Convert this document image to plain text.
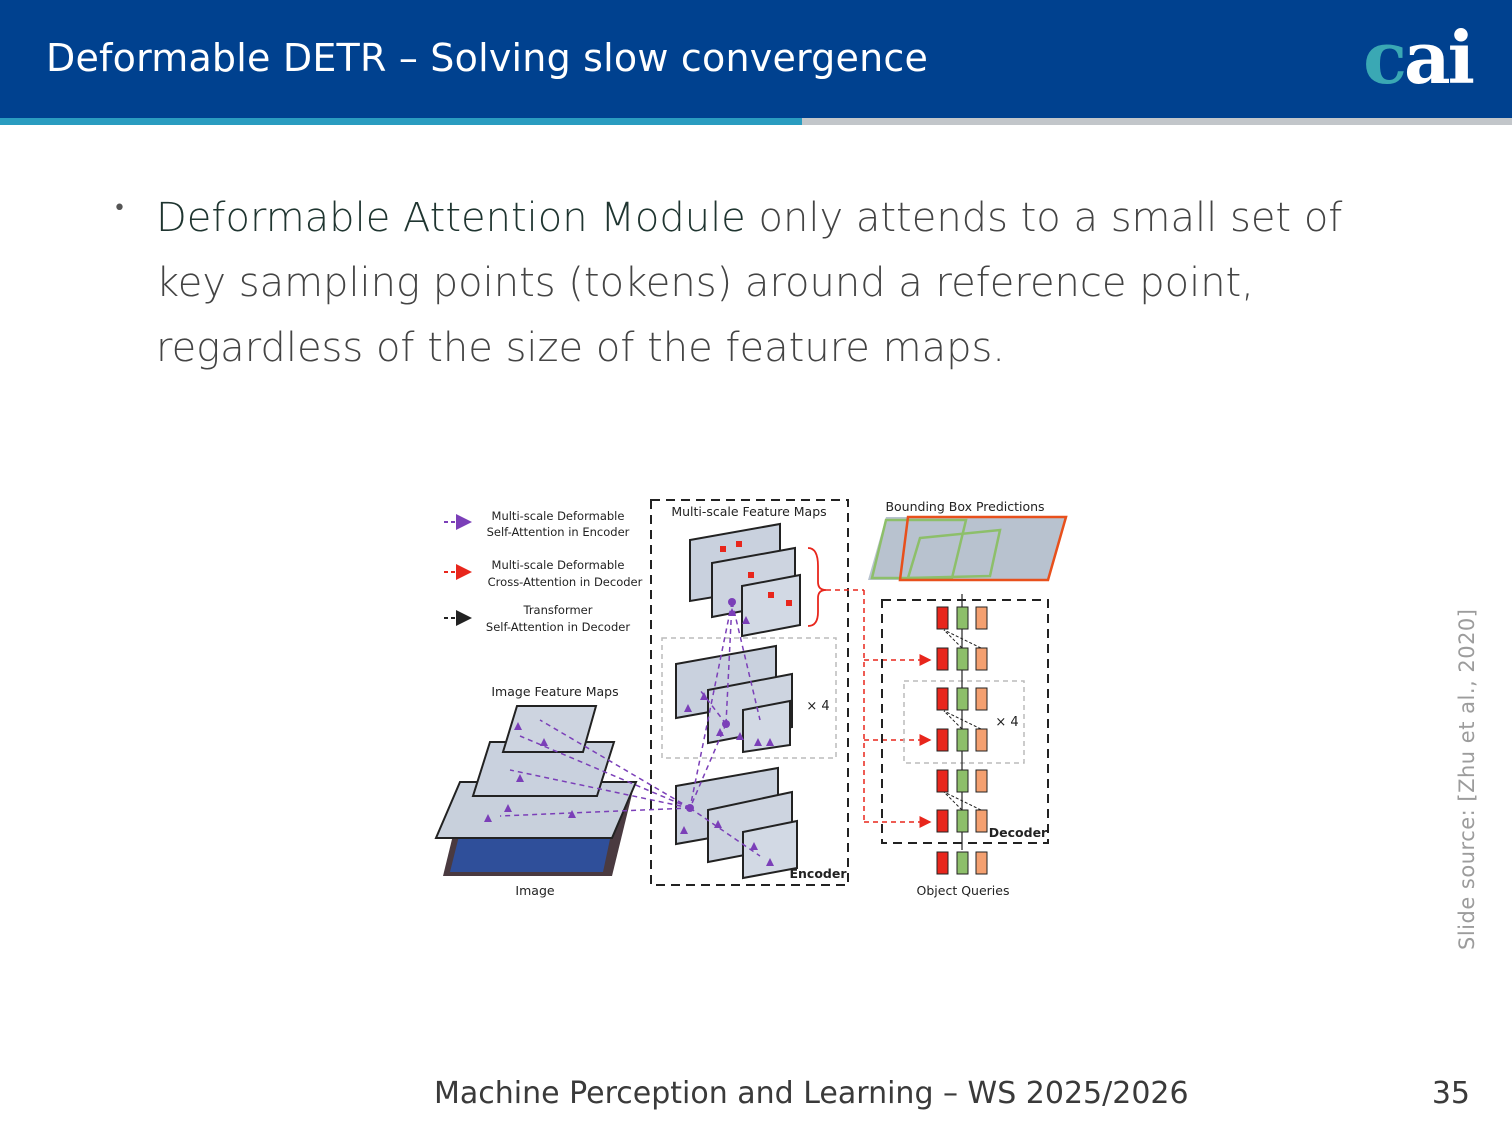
Deformable DETR – Solving slow convergence	cai
• Deformable Attention Module only attends to a small set of key sampling points (tokens) around a reference point, regardless of the size of the feature maps.
Multi-scale Deformable
Self-Attention in Encoder
Multi-scale Deformable
Cross-Attention in Decoder
Transformer
Self-Attention in Decoder
Image Feature Maps
Image
Multi-scale Feature Maps
× 4
Encoder
Bounding Box Predictions
× 4
Decoder
Object Queries	Slide source: [Zhu et al., 2020]
Machine Perception and Learning – WS 2025/2026	35
